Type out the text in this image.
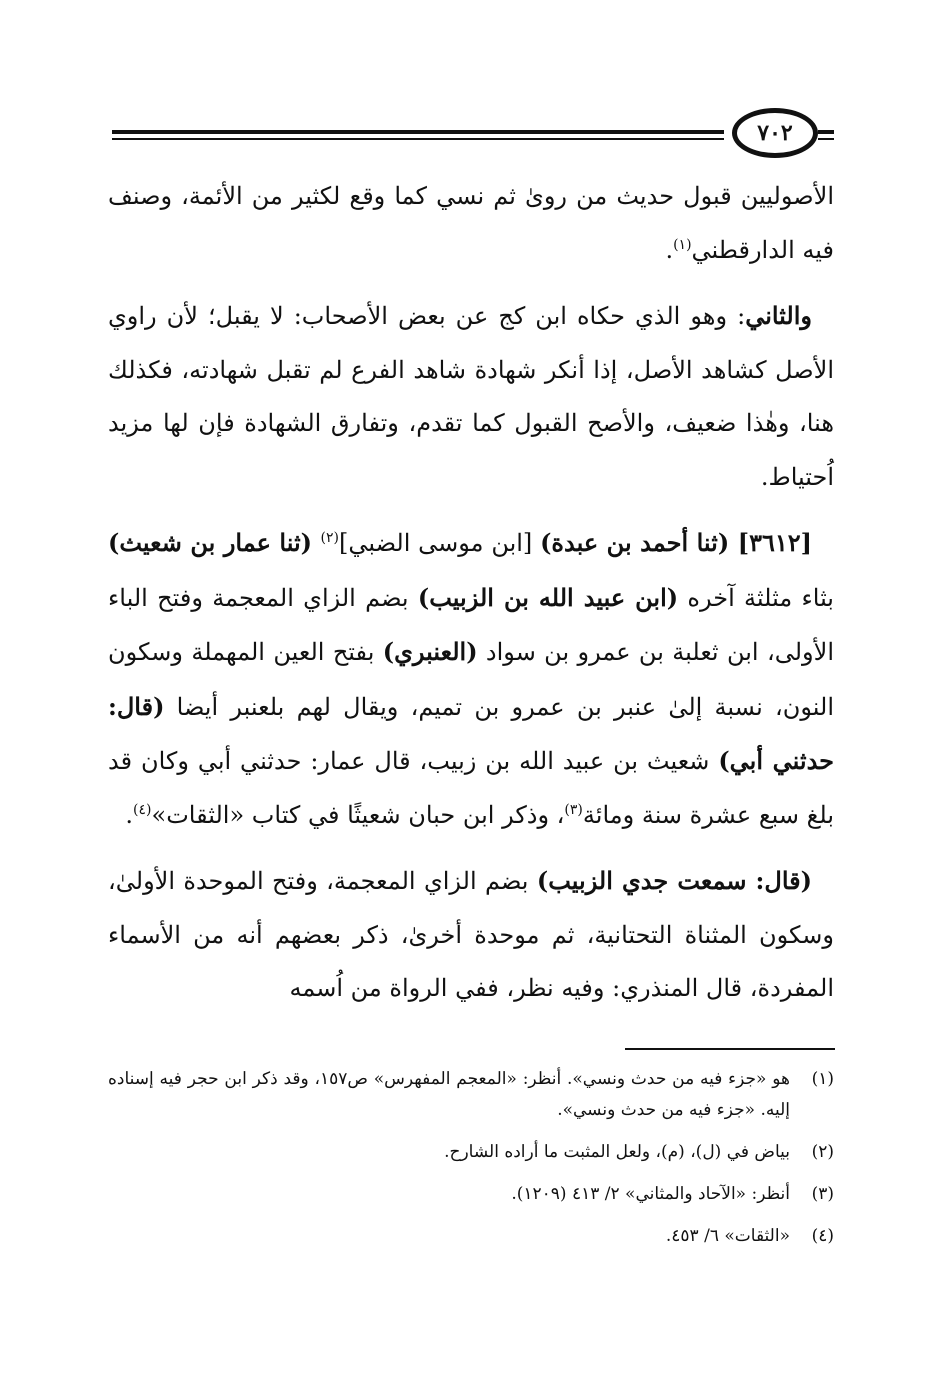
٧٠٢

الأصوليين قبول حديث من روىٰ ثم نسي كما وقع لكثير من الأئمة، وصنف فيه الدارقطني$^{(١)}$.

والثاني: وهو الذي حكاه ابن كج عن بعض الأصحاب: لا يقبل؛ لأن راوي الأصل كشاهد الأصل، إذا أنكر شهادة شاهد الفرع لم تقبل شهادته، فكذلك هنا، وهٰذا ضعيف، والأصح القبول كما تقدم، وتفارق الشهادة فإن لها مزيد اُحتياط.

[٣٦١٢] (ثنا أحمد بن عبدة) [ابن موسى الضبي]$^{(٢)}$ (ثنا عمار بن شعيث) بثاء مثلثة آخره (ابن عبيد الله بن الزبيب) بضم الزاي المعجمة وفتح الباء الأولى، ابن ثعلبة بن عمرو بن سواد (العنبري) بفتح العين المهملة وسكون النون، نسبة إلىٰ عنبر بن عمرو بن تميم، ويقال لهم بلعنبر أيضا (قال: حدثني أبي) شعيث بن عبيد الله بن زبيب، قال عمار: حدثني أبي وكان قد بلغ سبع عشرة سنة ومائة$^{(٣)}$، وذكر ابن حبان شعيثًا في كتاب «الثقات»$^{(٤)}$.

(قال: سمعت جدي الزبيب) بضم الزاي المعجمة، وفتح الموحدة الأولىٰ، وسكون المثناة التحتانية، ثم موحدة أخرىٰ، ذكر بعضهم أنه من الأسماء المفردة، قال المنذري: وفيه نظر، ففي الرواة من اُسمه

(١)
هو «جزء فيه من حدث ونسي». أنظر: «المعجم المفهرس» ص١٥٧، وقد ذكر ابن حجر فيه إسناده إليه. «جزء فيه من حدث ونسي».
(٢)
بياض في (ل)، (م)، ولعل المثبت ما أراده الشارح.
(٣)
أنظر: «الآحاد والمثاني» ٢/ ٤١٣ (١٢٠٩).
(٤)
«الثقات» ٦/ ٤٥٣.
